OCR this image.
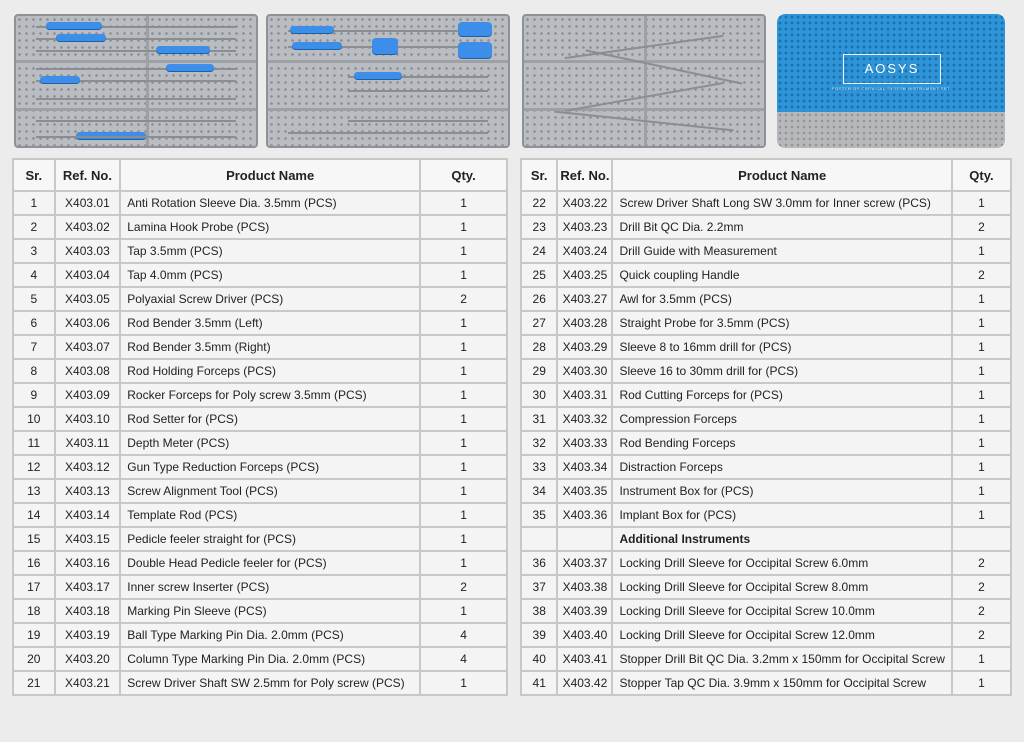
AOSYS
POSTERIOR CERVICAL SYSTEM INSTRUMENT SET
Sr.	Ref. No.	Product Name	Qty.
1	X403.01	Anti Rotation Sleeve Dia. 3.5mm (PCS)	1
2	X403.02	Lamina Hook Probe (PCS)	1
3	X403.03	Tap 3.5mm (PCS)	1
4	X403.04	Tap 4.0mm (PCS)	1
5	X403.05	Polyaxial Screw Driver (PCS)	2
6	X403.06	Rod Bender 3.5mm (Left)	1
7	X403.07	Rod Bender 3.5mm (Right)	1
8	X403.08	Rod Holding Forceps (PCS)	1
9	X403.09	Rocker Forceps for Poly screw 3.5mm (PCS)	1
10	X403.10	Rod Setter for (PCS)	1
11	X403.11	Depth Meter (PCS)	1
12	X403.12	Gun Type Reduction Forceps (PCS)	1
13	X403.13	Screw Alignment Tool (PCS)	1
14	X403.14	Template Rod (PCS)	1
15	X403.15	Pedicle feeler straight for (PCS)	1
16	X403.16	Double Head Pedicle feeler for (PCS)	1
17	X403.17	Inner screw Inserter (PCS)	2
18	X403.18	Marking Pin Sleeve (PCS)	1
19	X403.19	Ball Type Marking Pin Dia. 2.0mm (PCS)	4
20	X403.20	Column Type Marking Pin Dia. 2.0mm (PCS)	4
21	X403.21	Screw Driver Shaft SW 2.5mm for Poly screw (PCS)	1
Sr.	Ref. No.	Product Name	Qty.
22	X403.22	Screw Driver Shaft Long SW 3.0mm for Inner screw (PCS)	1
23	X403.23	Drill Bit QC Dia. 2.2mm	2
24	X403.24	Drill Guide with Measurement	1
25	X403.25	Quick coupling Handle	2
26	X403.27	Awl for 3.5mm (PCS)	1
27	X403.28	Straight Probe for 3.5mm (PCS)	1
28	X403.29	Sleeve 8 to 16mm drill for (PCS)	1
29	X403.30	Sleeve 16 to 30mm drill for (PCS)	1
30	X403.31	Rod Cutting Forceps for (PCS)	1
31	X403.32	Compression Forceps	1
32	X403.33	Rod Bending Forceps	1
33	X403.34	Distraction Forceps	1
34	X403.35	Instrument Box for (PCS)	1
35	X403.36	Implant Box for (PCS)	1
		Additional Instruments	
36	X403.37	Locking Drill Sleeve for Occipital Screw 6.0mm	2
37	X403.38	Locking Drill Sleeve for Occipital Screw 8.0mm	2
38	X403.39	Locking Drill Sleeve for Occipital Screw 10.0mm	2
39	X403.40	Locking Drill Sleeve for Occipital Screw 12.0mm	2
40	X403.41	Stopper Drill Bit QC Dia. 3.2mm x 150mm for Occipital Screw	1
41	X403.42	Stopper Tap QC Dia. 3.9mm x 150mm for Occipital Screw	1
